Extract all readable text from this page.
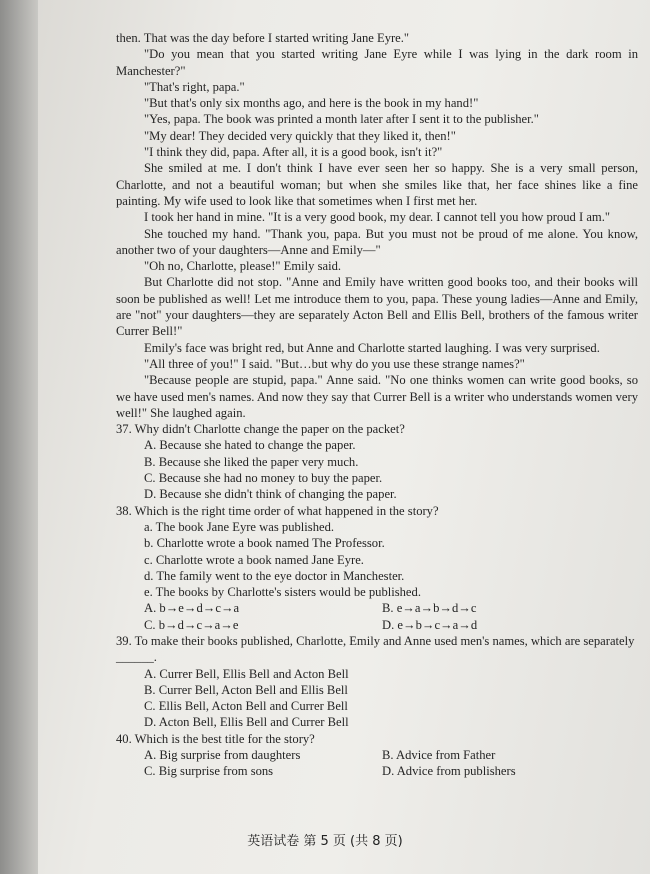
then. That was the day before I started writing Jane Eyre."

"Do you mean that you started writing Jane Eyre while I was lying in the dark room in Manchester?"

"That's right, papa."

"But that's only six months ago, and here is the book in my hand!"

"Yes, papa. The book was printed a month later after I sent it to the publisher."

"My dear! They decided very quickly that they liked it, then!"

"I think they did, papa. After all, it is a good book, isn't it?"

She smiled at me. I don't think I have ever seen her so happy. She is a very small person, Charlotte, and not a beautiful woman; but when she smiles like that, her face shines like a fine painting. My wife used to look like that sometimes when I first met her.

I took her hand in mine. "It is a very good book, my dear. I cannot tell you how proud I am."

She touched my hand. "Thank you, papa. But you must not be proud of me alone. You know, another two of your daughters—Anne and Emily—"

"Oh no, Charlotte, please!" Emily said.

But Charlotte did not stop. "Anne and Emily have written good books too, and their books will soon be published as well! Let me introduce them to you, papa. These young ladies—Anne and Emily, are "not" your daughters—they are separately Acton Bell and Ellis Bell, brothers of the famous writer Currer Bell!"

Emily's face was bright red, but Anne and Charlotte started laughing. I was very surprised.

"All three of you!" I said. "But…but why do you use these strange names?"

"Because people are stupid, papa." Anne said. "No one thinks women can write good books, so we have used men's names. And now they say that Currer Bell is a writer who understands women very well!" She laughed again.

37. Why didn't Charlotte change the paper on the packet?

A. Because she hated to change the paper.

B. Because she liked the paper very much.

C. Because she had no money to buy the paper.

D. Because she didn't think of changing the paper.

38. Which is the right time order of what happened in the story?

a. The book Jane Eyre was published.

b. Charlotte wrote a book named The Professor.

c. Charlotte wrote a book named Jane Eyre.

d. The family went to the eye doctor in Manchester.

e. The books by Charlotte's sisters would be published.

A. b→e→d→c→a	B. e→a→b→d→c
C. b→d→c→a→e	D. e→b→c→a→d

39. To make their books published, Charlotte, Emily and Anne used men's names, which are separately ______.

A. Currer Bell, Ellis Bell and Acton Bell

B. Currer Bell, Acton Bell and Ellis Bell

C. Ellis Bell, Acton Bell and Currer Bell

D. Acton Bell, Ellis Bell and Currer Bell

40. Which is the best title for the story?

A. Big surprise from daughters	B. Advice from Father
C. Big surprise from sons	D. Advice from publishers
英语试卷 第 5 页 (共 8 页)
